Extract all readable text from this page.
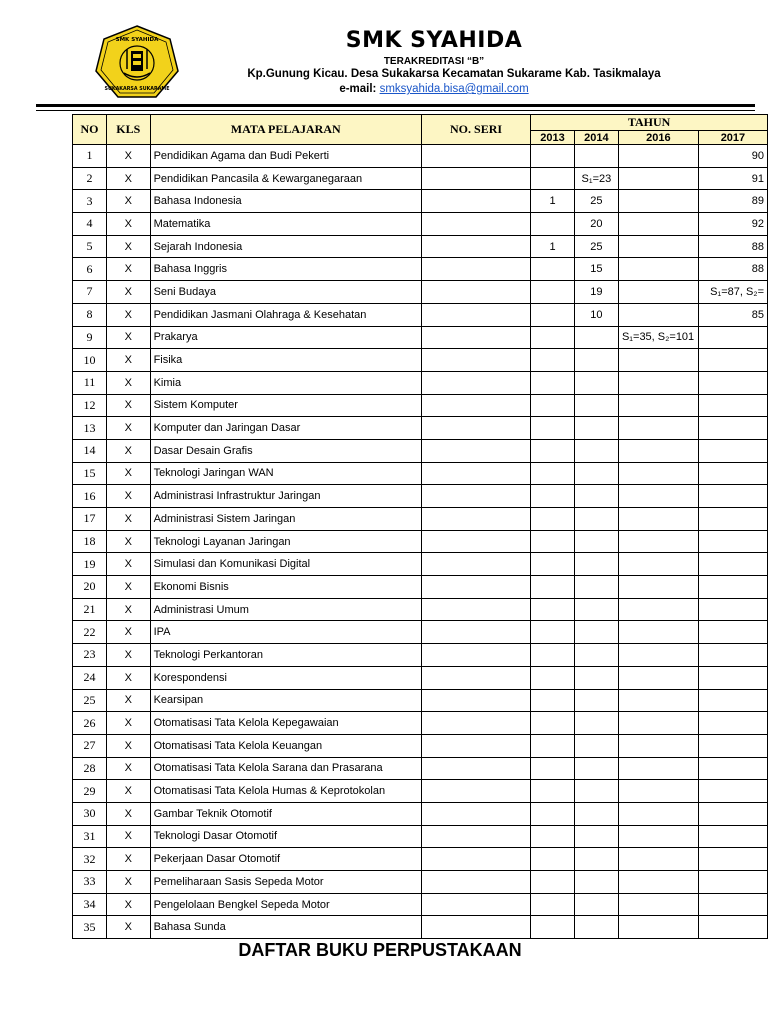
SMK SYAHIDA
SUKAKARSA SUKARAME
SMK SYAHIDA
TERAKREDITASI “B”
Kp.Gunung Kicau. Desa Sukakarsa Kecamatan Sukarame Kab. Tasikmalaya
e-mail: smksyahida.bisa@gmail.com
NO	KLS	MATA PELAJARAN	NO. SERI	TAHUN			
				2013	2014	2016	2017
1	X	Pendidikan Agama dan Budi Pekerti					90
2	X	Pendidikan Pancasila & Kewarganegaraan			S₁=23		91
3	X	Bahasa Indonesia		1	25		89
4	X	Matematika			20		92
5	X	Sejarah Indonesia		1	25		88
6	X	Bahasa Inggris			15		88
7	X	Seni Budaya			19		S₁=87, S₂=
8	X	Pendidikan Jasmani Olahraga & Kesehatan			10		85
9	X	Prakarya				S₁=35, S₂=101	
10	X	Fisika					
11	X	Kimia					
12	X	Sistem Komputer					
13	X	Komputer dan Jaringan Dasar					
14	X	Dasar Desain Grafis					
15	X	Teknologi Jaringan WAN					
16	X	Administrasi Infrastruktur Jaringan					
17	X	Administrasi Sistem Jaringan					
18	X	Teknologi Layanan Jaringan					
19	X	Simulasi dan Komunikasi Digital					
20	X	Ekonomi Bisnis					
21	X	Administrasi Umum					
22	X	IPA					
23	X	Teknologi Perkantoran					
24	X	Korespondensi					
25	X	Kearsipan					
26	X	Otomatisasi Tata Kelola Kepegawaian					
27	X	Otomatisasi Tata Kelola Keuangan					
28	X	Otomatisasi Tata Kelola Sarana dan Prasarana					
29	X	Otomatisasi Tata Kelola Humas & Keprotokolan					
30	X	Gambar Teknik Otomotif					
31	X	Teknologi Dasar Otomotif					
32	X	Pekerjaan Dasar Otomotif					
33	X	Pemeliharaan Sasis Sepeda Motor					
34	X	Pengelolaan Bengkel Sepeda Motor					
35	X	Bahasa Sunda					
DAFTAR BUKU PERPUSTAKAAN
